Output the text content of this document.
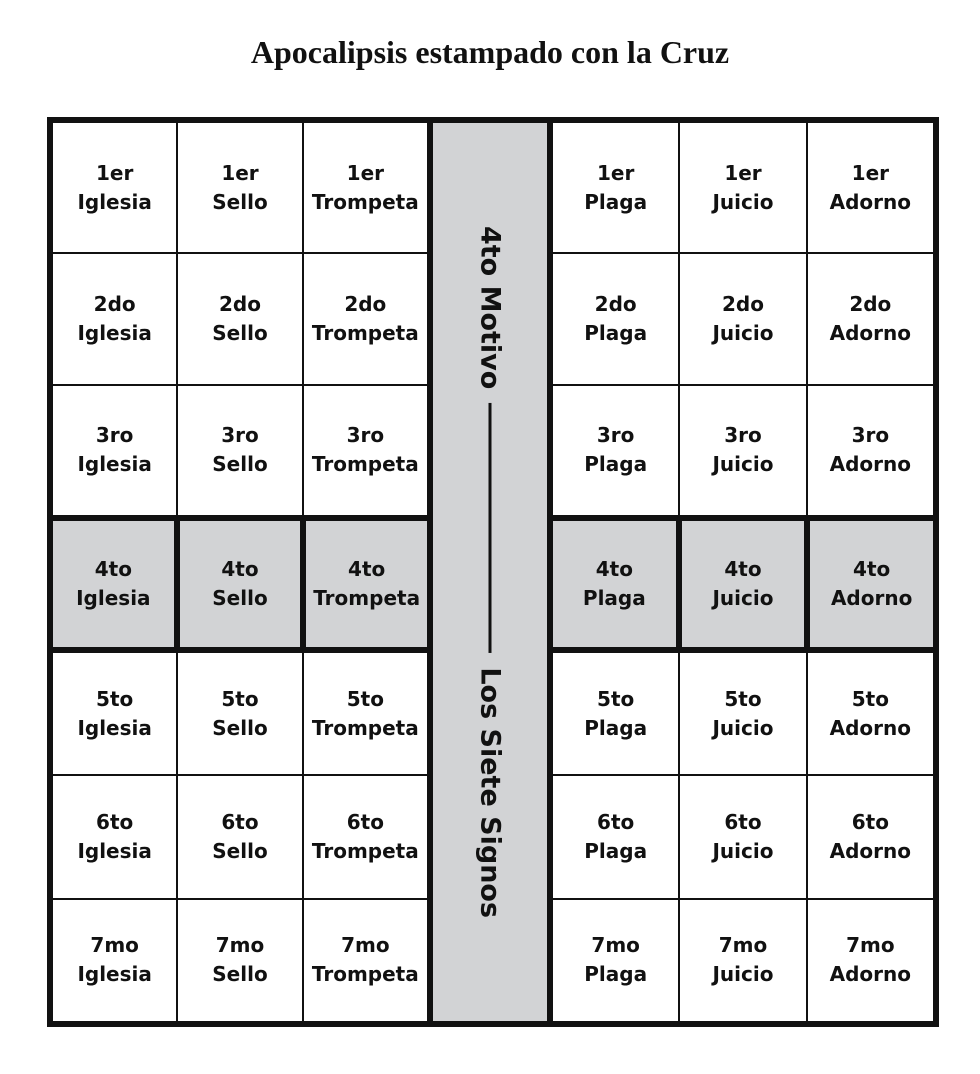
Apocalipsis estampado con la Cruz
1er
Iglesia
1er
Sello
1er
Trompeta
2do
Iglesia
2do
Sello
2do
Trompeta
3ro
Iglesia
3ro
Sello
3ro
Trompeta
4to
Iglesia
4to
Sello
4to
Trompeta
5to
Iglesia
5to
Sello
5to
Trompeta
6to
Iglesia
6to
Sello
6to
Trompeta
7mo
Iglesia
7mo
Sello
7mo
Trompeta
4to Motivo
Los Siete Signos
1er
Plaga
1er
Juicio
1er
Adorno
2do
Plaga
2do
Juicio
2do
Adorno
3ro
Plaga
3ro
Juicio
3ro
Adorno
4to
Plaga
4to
Juicio
4to
Adorno
5to
Plaga
5to
Juicio
5to
Adorno
6to
Plaga
6to
Juicio
6to
Adorno
7mo
Plaga
7mo
Juicio
7mo
Adorno
